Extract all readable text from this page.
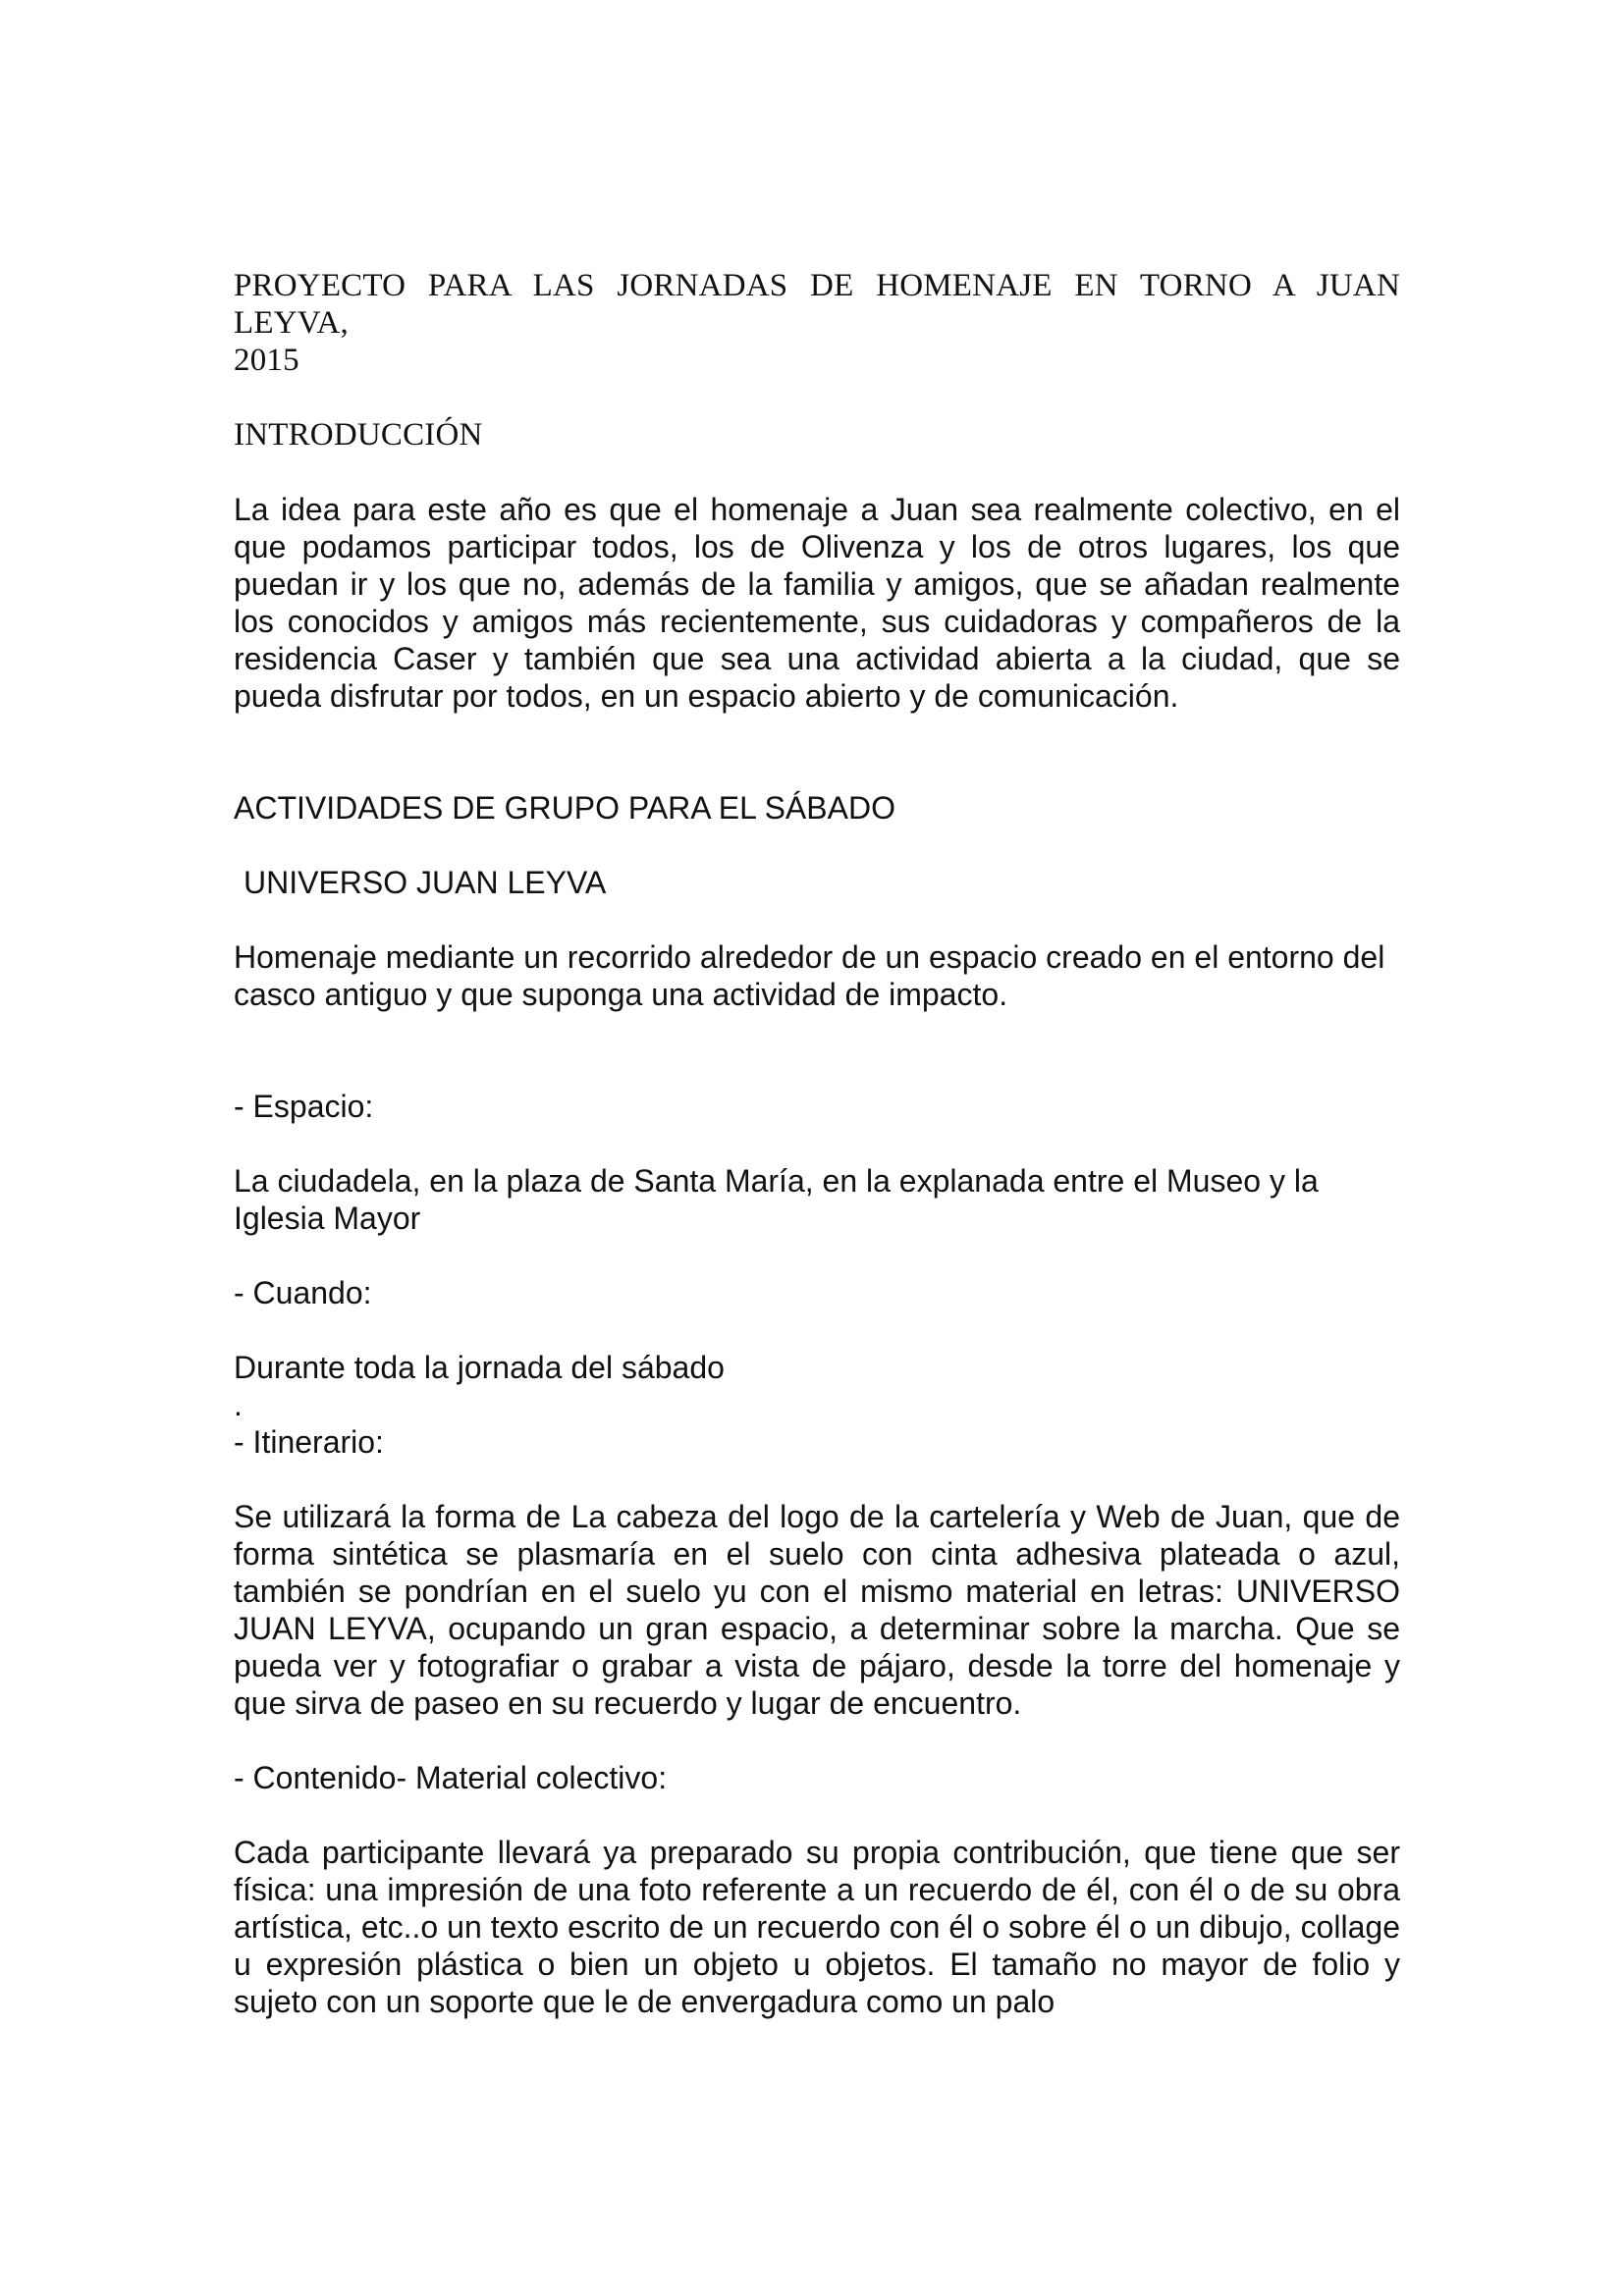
PROYECTO PARA LAS JORNADAS DE HOMENAJE EN TORNO A JUAN
LEYVA,
2015

INTRODUCCIÓN

La idea para este año es que el homenaje a Juan sea realmente colectivo, en el que podamos participar todos, los de Olivenza y los de otros lugares, los que puedan ir y los que no, además de la familia y amigos, que se añadan realmente los conocidos y amigos más recientemente, sus cuidadoras y compañeros de la residencia Caser y también que sea una actividad abierta a la ciudad, que se pueda disfrutar por todos, en un espacio abierto y de comunicación.

ACTIVIDADES DE GRUPO PARA EL SÁBADO

UNIVERSO JUAN LEYVA

Homenaje mediante un recorrido alrededor de un espacio creado en el entorno del casco antiguo y que suponga una actividad de impacto.

- Espacio:

La ciudadela, en la plaza de Santa María, en la explanada entre el Museo y la Iglesia Mayor

- Cuando:

Durante toda la jornada del sábado

.

- Itinerario:

Se utilizará la forma de La cabeza del logo de la cartelería y Web de Juan, que de forma sintética se plasmaría en el suelo con cinta adhesiva plateada o azul, también se pondrían en el suelo yu con el mismo material en letras: UNIVERSO JUAN LEYVA, ocupando un gran espacio, a determinar sobre la marcha. Que se pueda ver y fotografiar o grabar a vista de pájaro, desde la torre del homenaje y que sirva de paseo en su recuerdo y lugar de encuentro.

- Contenido- Material colectivo:

Cada participante llevará ya preparado su propia contribución, que tiene que ser física: una impresión de una foto referente a un recuerdo de él, con él o de su obra artística, etc..o un texto escrito de un recuerdo con él o sobre él o un dibujo, collage u expresión plástica o bien un objeto u objetos. El tamaño no mayor de folio y sujeto con un soporte que le de envergadura como un palo
